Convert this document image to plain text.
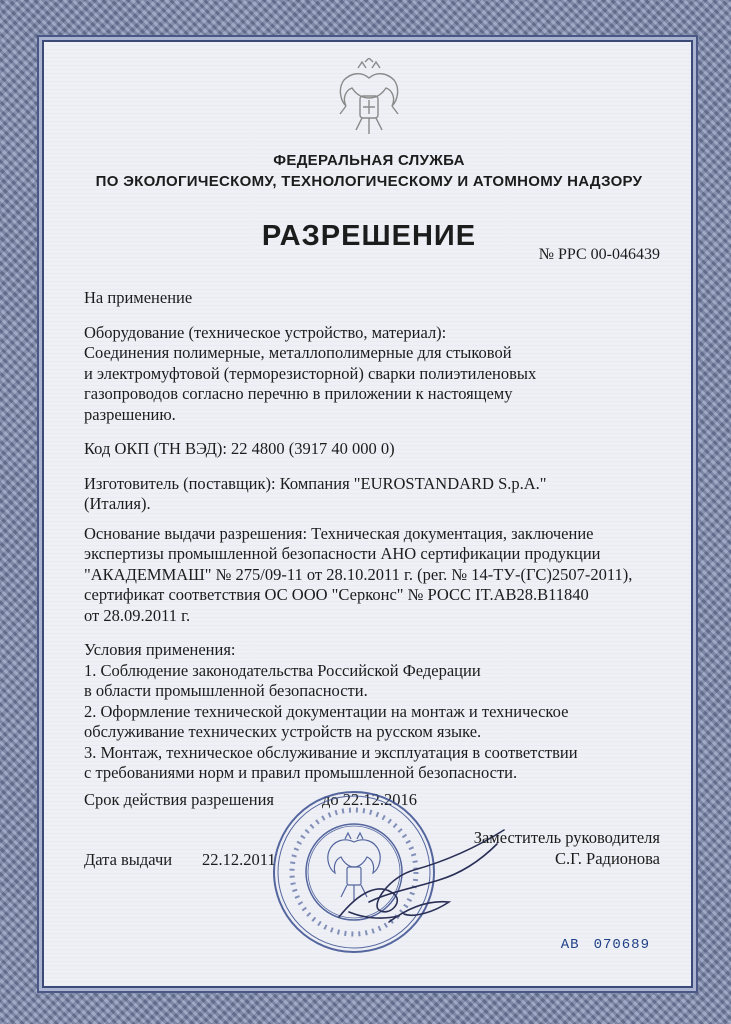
ФЕДЕРАЛЬНАЯ СЛУЖБА
ПО ЭКОЛОГИЧЕСКОМУ, ТЕХНОЛОГИЧЕСКОМУ И АТОМНОМУ НАДЗОРУ
РАЗРЕШЕНИЕ
№ РРС 00-046439

На применение

Оборудование (техническое устройство, материал):

Соединения полимерные, металлополимерные для стыковой

и электромуфтовой (терморезисторной) сварки полиэтиленовых

газопроводов согласно перечню в приложении к настоящему

разрешению.

Код ОКП (ТН ВЭД): 22 4800 (3917 40 000 0)

Изготовитель (поставщик): Компания "EUROSTANDARD S.p.A."

(Италия).

Основание выдачи разрешения: Техническая документация, заключение

экспертизы промышленной безопасности АНО сертификации продукции

"АКАДЕММАШ" № 275/09-11 от 28.10.2011 г. (рег. № 14-ТУ-(ГС)2507-2011),

сертификат соответствия ОС ООО "Серконс" № РОСС IT.АВ28.В11840

от 28.09.2011 г.

Условия применения:

1. Соблюдение законодательства Российской Федерации

в области промышленной безопасности.

2. Оформление технической документации на монтаж и техническое

обслуживание технических устройств на русском языке.

3. Монтаж, техническое обслуживание и эксплуатация в соответствии

с требованиями норм и правил промышленной безопасности.

Срок действия разрешения	до 22.12.2016
Дата выдачи 22.12.2011
Заместитель руководителя
С.Г. Радионова
АВ 070689
